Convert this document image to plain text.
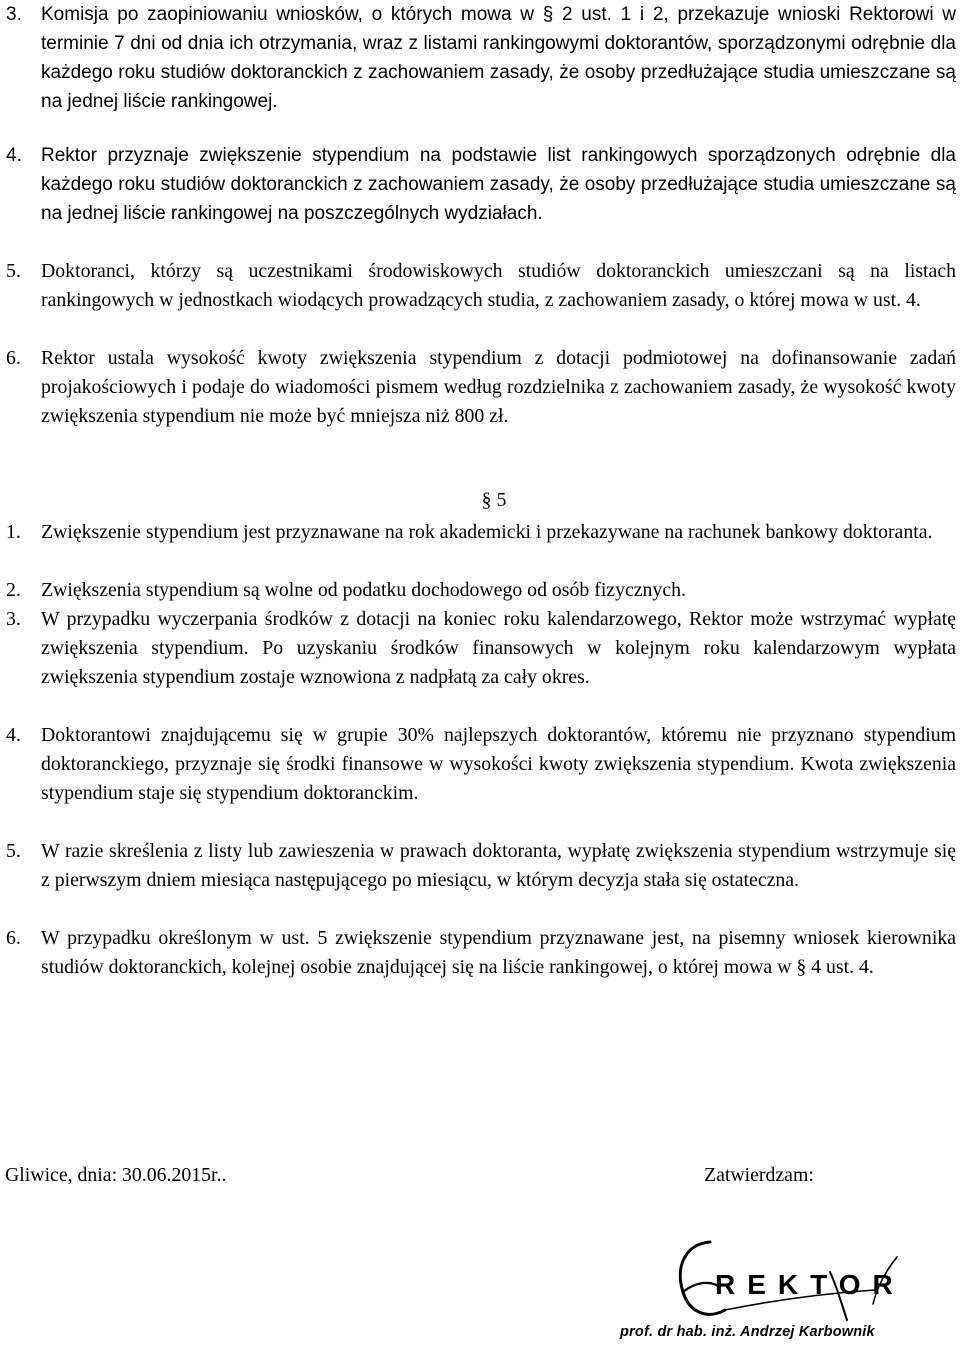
3.	Komisja po zaopiniowaniu wniosków, o których mowa w § 2 ust. 1 i 2, przekazuje wnioski Rektorowi w terminie 7 dni od dnia ich otrzymania, wraz z listami rankingowymi doktorantów, sporządzonymi odrębnie dla każdego roku studiów doktoranckich z zachowaniem zasady, że osoby przedłużające studia umieszczane są na jednej liście rankingowej.
4.	Rektor przyznaje zwiększenie stypendium na podstawie list rankingowych sporządzonych odrębnie dla każdego roku studiów doktoranckich z zachowaniem zasady, że osoby przedłużające studia umieszczane są na jednej liście rankingowej na poszczególnych wydziałach.
5.	Doktoranci, którzy są uczestnikami środowiskowych studiów doktoranckich umieszczani są na listach rankingowych w jednostkach wiodących prowadzących studia, z zachowaniem zasady, o której mowa w ust. 4.
6.	Rektor ustala wysokość kwoty zwiększenia stypendium z dotacji podmiotowej na dofinansowanie zadań projakościowych i podaje do wiadomości pismem według rozdzielnika z zachowaniem zasady, że wysokość kwoty zwiększenia stypendium nie może być mniejsza niż 800 zł.
§ 5
1.	Zwiększenie stypendium jest przyznawane na rok akademicki i przekazywane na rachunek bankowy doktoranta.
2.	Zwiększenia stypendium są wolne od podatku dochodowego od osób fizycznych.
3.	W przypadku wyczerpania środków z dotacji na koniec roku kalendarzowego, Rektor może wstrzymać wypłatę zwiększenia stypendium. Po uzyskaniu środków finansowych w kolejnym roku kalendarzowym wypłata zwiększenia stypendium zostaje wznowiona z nadpłatą za cały okres.
4.	Doktorantowi znajdującemu się w grupie 30% najlepszych doktorantów, któremu nie przyznano stypendium doktoranckiego, przyznaje się środki finansowe w wysokości kwoty zwiększenia stypendium. Kwota zwiększenia stypendium staje się stypendium doktoranckim.
5.	W razie skreślenia z listy lub zawieszenia w prawach doktoranta, wypłatę zwiększenia stypendium wstrzymuje się z pierwszym dniem miesiąca następującego po miesiącu, w którym decyzja stała się ostateczna.
6.	W przypadku określonym w ust. 5 zwiększenie stypendium przyznawane jest, na pisemny wniosek kierownika studiów doktoranckich, kolejnej osobie znajdującej się na liście rankingowej, o której mowa w § 4 ust. 4.
Gliwice, dnia: 30.06.2015r..	Zatwierdzam:
REKTOR
prof. dr hab. inż. Andrzej Karbownik
